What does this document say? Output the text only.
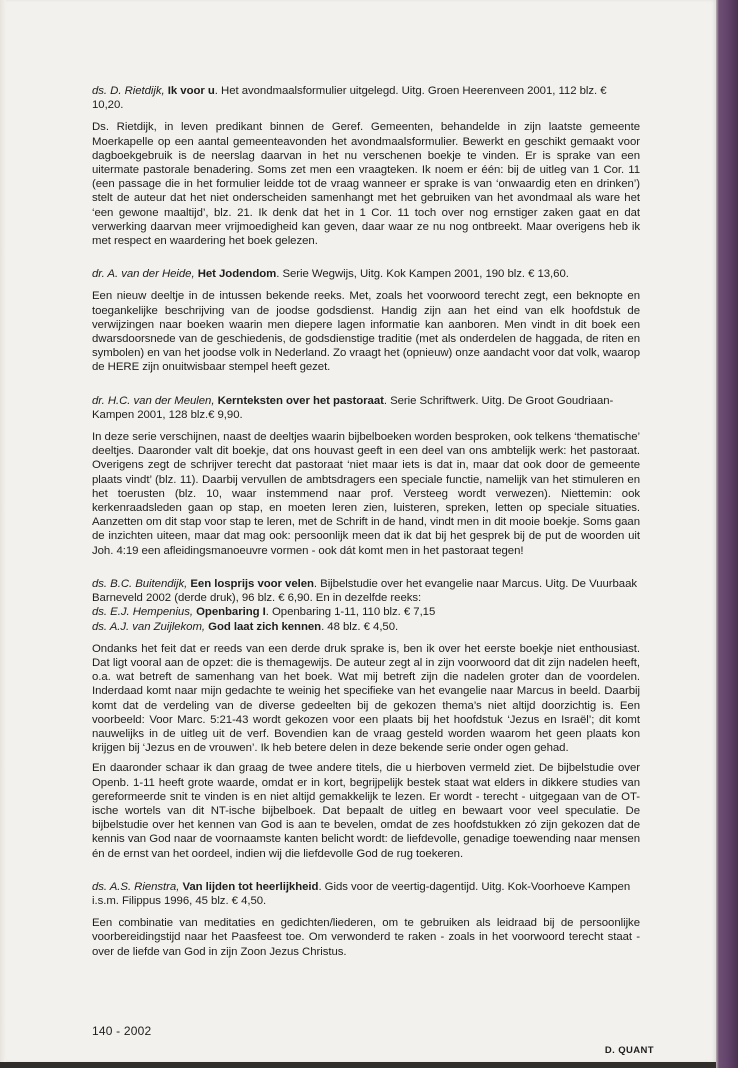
ds. D. Rietdijk, Ik voor u. Het avondmaalsformulier uitgelegd. Uitg. Groen Heerenveen 2001, 112 blz. € 10,20.

Ds. Rietdijk, in leven predikant binnen de Geref. Gemeenten, behandelde in zijn laatste gemeente Moerkapelle op een aantal gemeenteavonden het avondmaalsformulier. Bewerkt en geschikt gemaakt voor dagboekgebruik is de neerslag daarvan in het nu verschenen boekje te vinden. Er is sprake van een uitermate pastorale benadering. Soms zet men een vraagteken. Ik noem er één: bij de uitleg van 1 Cor. 11 (een passage die in het formulier leidde tot de vraag wanneer er sprake is van ‘onwaardig eten en drinken’) stelt de auteur dat het niet onderscheiden samenhangt met het gebruiken van het avondmaal als ware het ‘een gewone maaltijd’, blz. 21. Ik denk dat het in 1 Cor. 11 toch over nog ernstiger zaken gaat en dat verwerking daarvan meer vrijmoedigheid kan geven, daar waar ze nu nog ontbreekt. Maar overigens heb ik met respect en waardering het boek gelezen.

dr. A. van der Heide, Het Jodendom. Serie Wegwijs, Uitg. Kok Kampen 2001, 190 blz. € 13,60.

Een nieuw deeltje in de intussen bekende reeks. Met, zoals het voorwoord terecht zegt, een beknopte en toegankelijke beschrijving van de joodse godsdienst. Handig zijn aan het eind van elk hoofdstuk de verwijzingen naar boeken waarin men diepere lagen informatie kan aanboren. Men vindt in dit boek een dwarsdoorsnede van de geschiedenis, de godsdienstige traditie (met als onderdelen de haggada, de riten en symbolen) en van het joodse volk in Nederland. Zo vraagt het (opnieuw) onze aandacht voor dat volk, waarop de HERE zijn onuitwisbaar stempel heeft gezet.

dr. H.C. van der Meulen, Kernteksten over het pastoraat. Serie Schriftwerk. Uitg. De Groot Goudriaan-Kampen 2001, 128 blz.€ 9,90.

In deze serie verschijnen, naast de deeltjes waarin bijbelboeken worden besproken, ook telkens ‘thematische’ deeltjes. Daaronder valt dit boekje, dat ons houvast geeft in een deel van ons ambtelijk werk: het pastoraat. Overigens zegt de schrijver terecht dat pastoraat ‘niet maar iets is dat in, maar dat ook door de gemeente plaats vindt’ (blz. 11). Daarbij vervullen de ambtsdragers een speciale functie, namelijk van het stimuleren en het toerusten (blz. 10, waar instemmend naar prof. Versteeg wordt verwezen). Niettemin: ook kerkenraadsleden gaan op stap, en moeten leren zien, luisteren, spreken, letten op speciale situaties. Aanzetten om dit stap voor stap te leren, met de Schrift in de hand, vindt men in dit mooie boekje. Soms gaan de inzichten uiteen, maar dat mag ook: persoonlijk meen dat ik dat bij het gesprek bij de put de woorden uit Joh. 4:19 een afleidingsmanoeuvre vormen - ook dát komt men in het pastoraat tegen!

ds. B.C. Buitendijk, Een losprijs voor velen. Bijbelstudie over het evangelie naar Marcus. Uitg. De Vuurbaak Barneveld 2002 (derde druk), 96 blz. € 6,90. En in dezelfde reeks:
ds. E.J. Hempenius, Openbaring I. Openbaring 1-11, 110 blz. € 7,15
ds. A.J. van Zuijlekom, God laat zich kennen. 48 blz. € 4,50.

Ondanks het feit dat er reeds van een derde druk sprake is, ben ik over het eerste boekje niet enthousiast. Dat ligt vooral aan de opzet: die is themagewijs. De auteur zegt al in zijn voorwoord dat dit zijn nadelen heeft, o.a. wat betreft de samenhang van het boek. Wat mij betreft zijn die nadelen groter dan de voordelen. Inderdaad komt naar mijn gedachte te weinig het specifieke van het evangelie naar Marcus in beeld. Daarbij komt dat de verdeling van de diverse gedeelten bij de gekozen thema’s niet altijd doorzichtig is. Een voorbeeld: Voor Marc. 5:21-43 wordt gekozen voor een plaats bij het hoofdstuk ‘Jezus en Israël’; dit komt nauwelijks in de uitleg uit de verf. Bovendien kan de vraag gesteld worden waarom het geen plaats kon krijgen bij ‘Jezus en de vrouwen’. Ik heb betere delen in deze bekende serie onder ogen gehad.

En daaronder schaar ik dan graag de twee andere titels, die u hierboven vermeld ziet. De bijbelstudie over Openb. 1-11 heeft grote waarde, omdat er in kort, begrijpelijk bestek staat wat elders in dikkere studies van gereformeerde snit te vinden is en niet altijd gemakkelijk te lezen. Er wordt - terecht - uitgegaan van de OT-ische wortels van dit NT-ische bijbelboek. Dat bepaalt de uitleg en bewaart voor veel speculatie. De bijbelstudie over het kennen van God is aan te bevelen, omdat de zes hoofdstukken zó zijn gekozen dat de kennis van God naar de voornaamste kanten belicht wordt: de liefdevolle, genadige toewending naar mensen én de ernst van het oordeel, indien wij die liefdevolle God de rug toekeren.

ds. A.S. Rienstra, Van lijden tot heerlijkheid. Gids voor de veertig-dagentijd. Uitg. Kok-Voorhoeve Kampen i.s.m. Filippus 1996, 45 blz. € 4,50.

Een combinatie van meditaties en gedichten/liederen, om te gebruiken als leidraad bij de persoonlijke voorbereidingstijd naar het Paasfeest toe. Om verwonderd te raken - zoals in het voorwoord terecht staat - over de liefde van God in zijn Zoon Jezus Christus.

140 - 2002
D. QUANT
